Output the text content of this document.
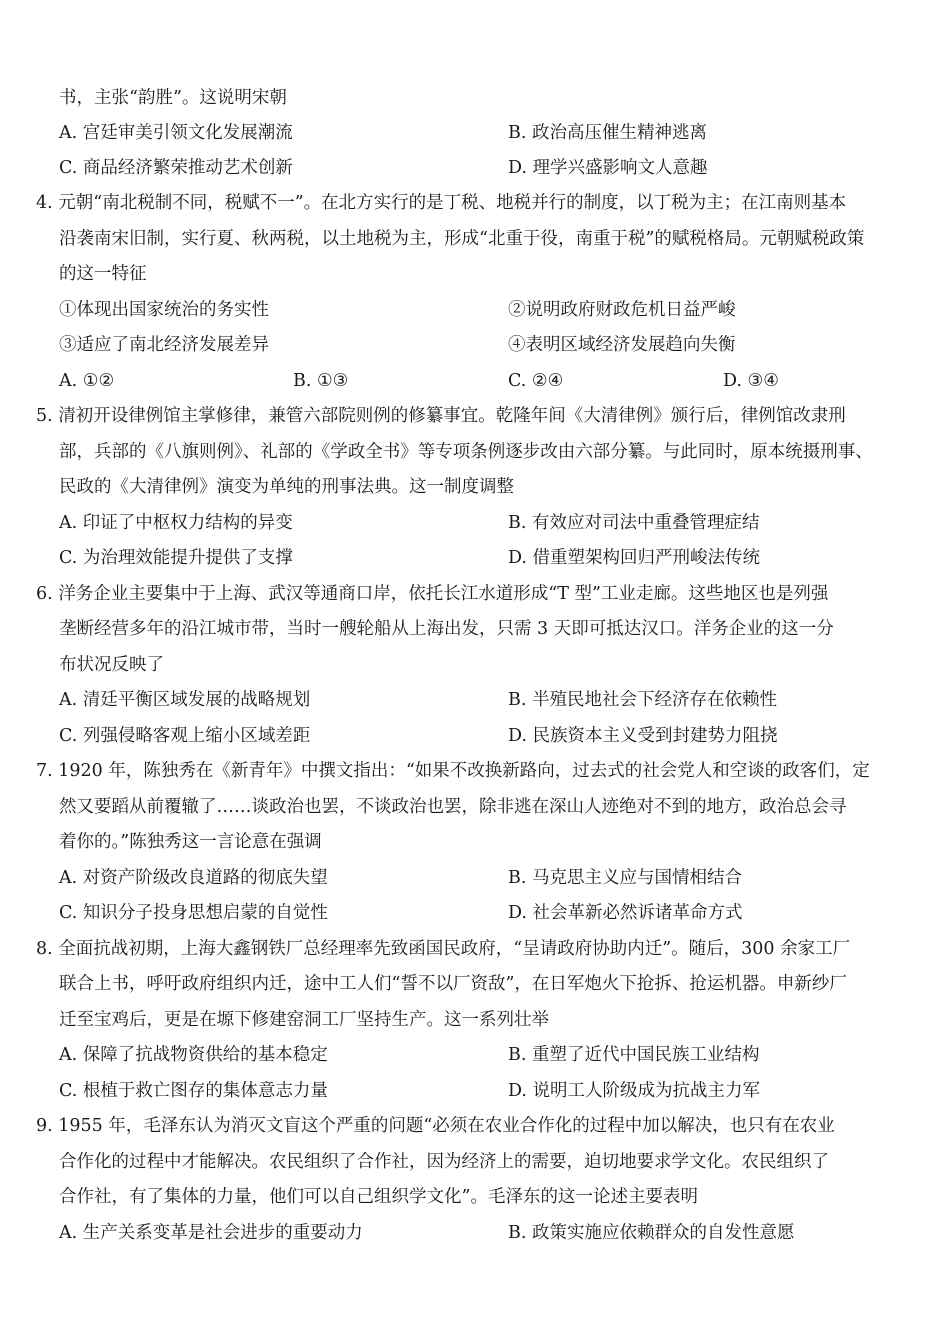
书，主张“韵胜”。这说明宋朝
A. 宫廷审美引领文化发展潮流	B. 政治高压催生精神逃离
C. 商品经济繁荣推动艺术创新	D. 理学兴盛影响文人意趣
4. 元朝“南北税制不同，税赋不一”。在北方实行的是丁税、地税并行的制度，以丁税为主；在江南则基本
沿袭南宋旧制，实行夏、秋两税，以土地税为主，形成“北重于役，南重于税”的赋税格局。元朝赋税政策
的这一特征
①体现出国家统治的务实性	②说明政府财政危机日益严峻
③适应了南北经济发展差异	④表明区域经济发展趋向失衡
A. ①②	B. ①③	C. ②④	D. ③④
5. 清初开设律例馆主掌修律，兼管六部院则例的修纂事宜。乾隆年间《大清律例》颁行后，律例馆改隶刑
部，兵部的《八旗则例》、礼部的《学政全书》等专项条例逐步改由六部分纂。与此同时，原本统摄刑事、
民政的《大清律例》演变为单纯的刑事法典。这一制度调整
A. 印证了中枢权力结构的异变	B. 有效应对司法中重叠管理症结
C. 为治理效能提升提供了支撑	D. 借重塑架构回归严刑峻法传统
6. 洋务企业主要集中于上海、武汉等通商口岸，依托长江水道形成“T 型”工业走廊。这些地区也是列强
垄断经营多年的沿江城市带，当时一艘轮船从上海出发，只需 3 天即可抵达汉口。洋务企业的这一分
布状况反映了
A. 清廷平衡区域发展的战略规划	B. 半殖民地社会下经济存在依赖性
C. 列强侵略客观上缩小区域差距	D. 民族资本主义受到封建势力阻挠
7. 1920 年，陈独秀在《新青年》中撰文指出：“如果不改换新路向，过去式的社会党人和空谈的政客们，定
然又要蹈从前覆辙了……谈政治也罢，不谈政治也罢，除非逃在深山人迹绝对不到的地方，政治总会寻
着你的。”陈独秀这一言论意在强调
A. 对资产阶级改良道路的彻底失望	B. 马克思主义应与国情相结合
C. 知识分子投身思想启蒙的自觉性	D. 社会革新必然诉诸革命方式
8. 全面抗战初期，上海大鑫钢铁厂总经理率先致函国民政府，“呈请政府协助内迁”。随后，300 余家工厂
联合上书，呼吁政府组织内迁，途中工人们“誓不以厂资敌”，在日军炮火下抢拆、抢运机器。申新纱厂
迁至宝鸡后，更是在塬下修建窑洞工厂坚持生产。这一系列壮举
A. 保障了抗战物资供给的基本稳定	B. 重塑了近代中国民族工业结构
C. 根植于救亡图存的集体意志力量	D. 说明工人阶级成为抗战主力军
9. 1955 年，毛泽东认为消灭文盲这个严重的问题“必须在农业合作化的过程中加以解决，也只有在农业
合作化的过程中才能解决。农民组织了合作社，因为经济上的需要，迫切地要求学文化。农民组织了
合作社，有了集体的力量，他们可以自己组织学文化”。毛泽东的这一论述主要表明
A. 生产关系变革是社会进步的重要动力	B. 政策实施应依赖群众的自发性意愿
